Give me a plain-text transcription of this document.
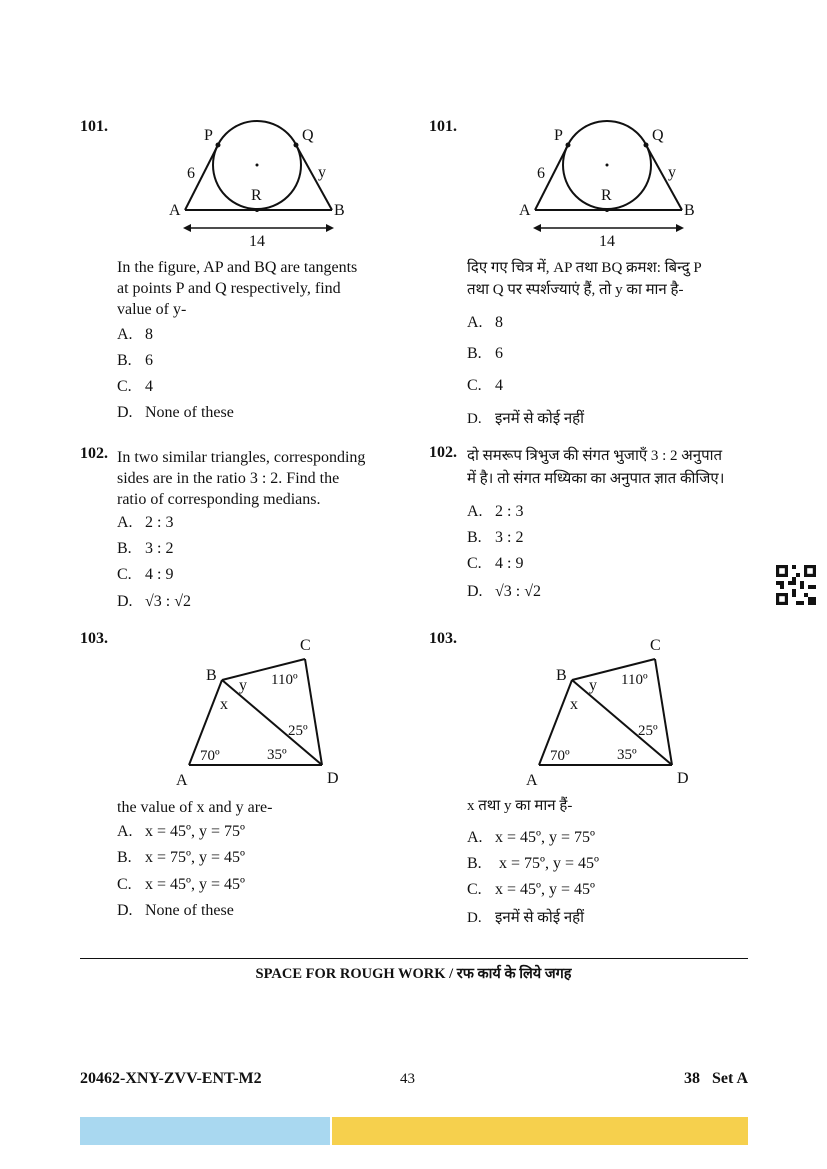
101.
P	Q
6	y
R
A	B
14
In the figure, AP and BQ are tangents
at points P and Q respectively, find
value of y-
A. 8
B. 6
C. 4
D. None of these
101.
P	Q
6	y
R
A	B
14
दिए गए चित्र में, AP तथा BQ क्रमश: बिन्दु P
तथा Q पर स्पर्शज्याएं हैं, तो y का मान है-
A. 8
B. 6
C. 4
D. इनमें से कोई नहीं
102. In two similar triangles, corresponding
sides are in the ratio 3 : 2. Find the
ratio of corresponding medians.
A. 2 : 3
B. 3 : 2
C. 4 : 9
D. √3 : √2
102. दो समरूप त्रिभुज की संगत भुजाएँ 3 : 2 अनुपात
में है। तो संगत मध्यिका का अनुपात ज्ञात कीजिए।
A. 2 : 3
B. 3 : 2
C. 4 : 9
D. √3 : √2
103.	C
B
y 110º
x
25º
70º	35º
A	D
the value of x and y are-
A. x = 45º, y = 75º
B. x = 75º, y = 45º
C. x = 45º, y = 45º
D. None of these
103.	C
B
y 110º
x
25º
70º	35º
A	D
x तथा y का मान हैं-
A. x = 45º, y = 75º
B. x = 75º, y = 45º
C. x = 45º, y = 45º
D. इनमें से कोई नहीं
SPACE FOR ROUGH WORK / रफ कार्य के लिये जगह
20462-XNY-ZVV-ENT-M2	43	38   Set A
